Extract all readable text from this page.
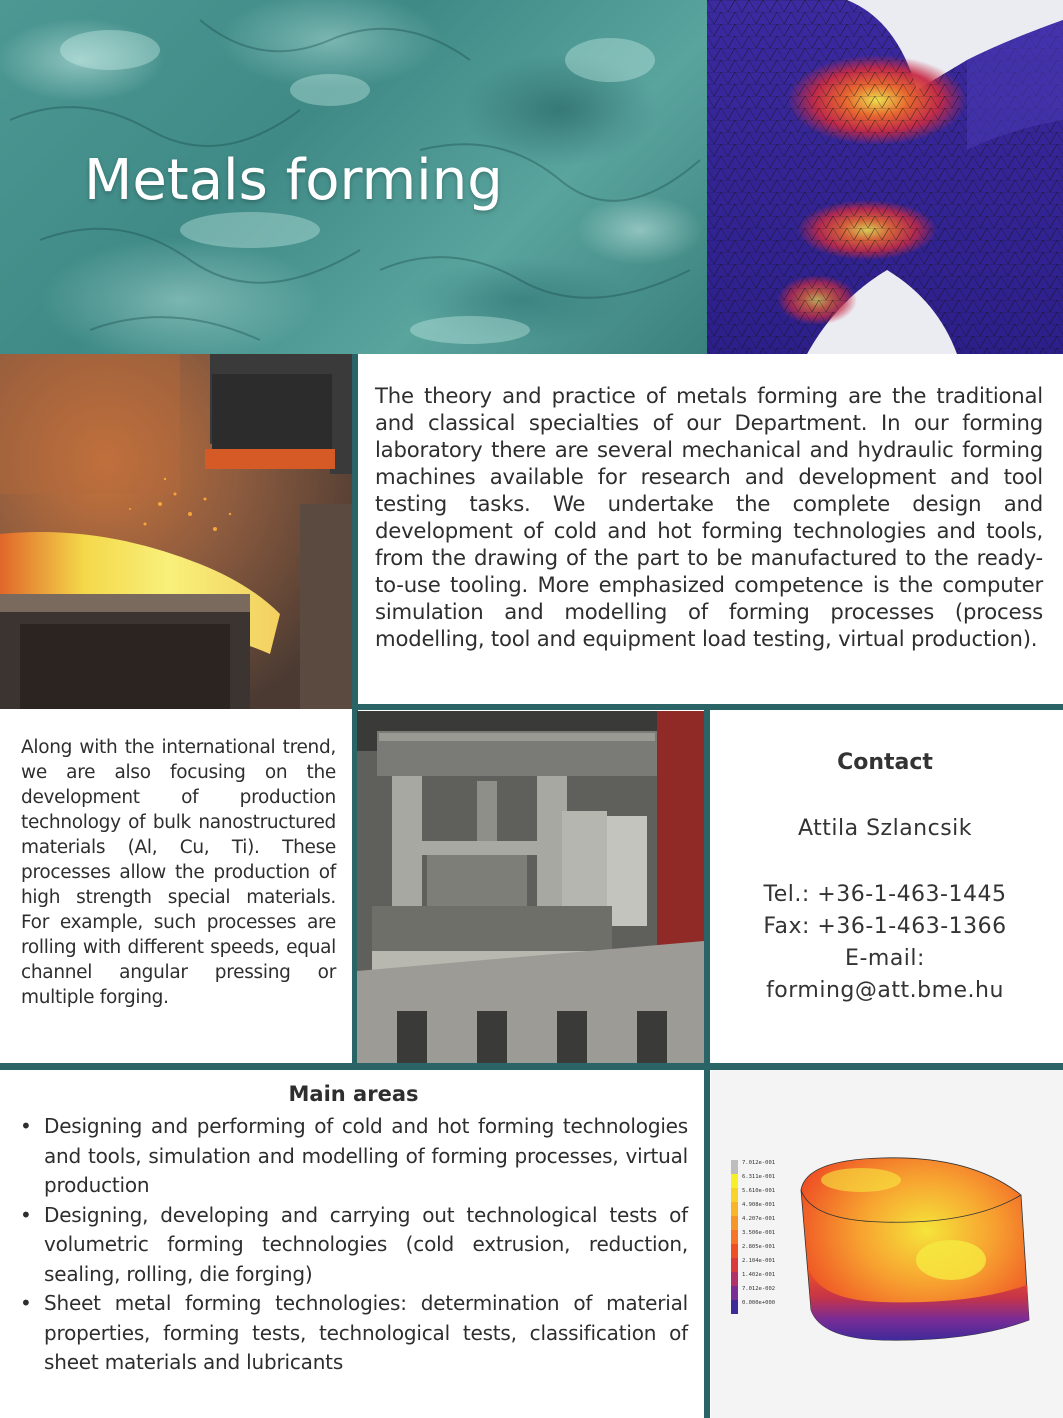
Metals forming
The theory and practice of metals forming are the traditional and classical specialties of our Department. In our forming laboratory there are several mechanical and hydraulic forming machines available for research and development and tool testing tasks. We undertake the complete design and development of cold and hot forming technologies and tools, from the drawing of the part to be manufactured to the ready-to-use tooling. More emphasized competence is the computer simulation and modelling of forming processes (process modelling, tool and equipment load testing, virtual production).
Along with the international trend, we are also focusing on the development of production technology of bulk nanostructured materials (Al, Cu, Ti). These processes allow the production of high strength special materials. For example, such processes are rolling with different speeds, equal channel angular pressing or multiple forging.
Contact
Attila Szlancsik
Tel.: +36-1-463-1445
Fax: +36-1-463-1366
E-mail:
forming@att.bme.hu
Main areas
• Designing and performing of cold and hot forming technologies and tools, simulation and modelling of forming processes, virtual production
• Designing, developing and carrying out technological tests of volumetric forming technologies (cold extrusion, reduction, sealing, rolling, die forging)
• Sheet metal forming technologies: determination of material properties, forming tests, technological tests, classification of sheet materials and lubricants
7.012e-001
6.311e-001
5.610e-001
4.908e-001
4.207e-001
3.506e-001
2.805e-001
2.104e-001
1.402e-001
7.012e-002
0.000e+000
